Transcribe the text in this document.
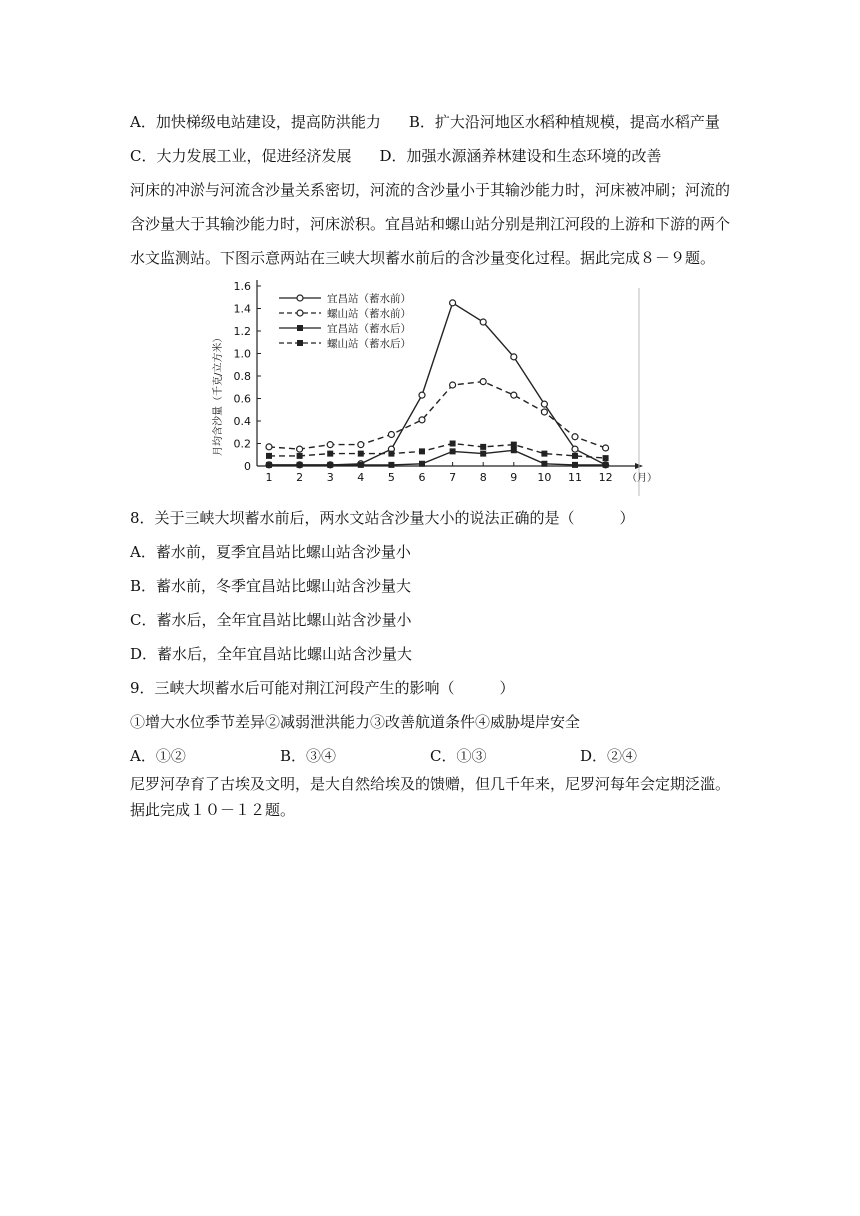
A．加快梯级电站建设，提高防洪能力 B．扩大沿河地区水稻种植规模，提高水稻产量
C．大力发展工业，促进经济发展 D．加强水源涵养林建设和生态环境的改善
河床的冲淤与河流含沙量关系密切，河流的含沙量小于其输沙能力时，河床被冲刷；河流的
含沙量大于其输沙能力时，河床淤积。宜昌站和螺山站分别是荆江河段的上游和下游的两个
水文监测站。下图示意两站在三峡大坝蓄水前后的含沙量变化过程。据此完成８－９题。
0
0.2
0.4
0.6
0.8
1.0
1.2
1.4
1.6
1 2 3 4 5 6 7 8 9 10 11 12 （月）
月均含沙量（千克/立方米）
宜昌站（蓄水前）
螺山站（蓄水前）
宜昌站（蓄水后）
螺山站（蓄水后）
8．关于三峡大坝蓄水前后，两水文站含沙量大小的说法正确的是（　　　）
A．蓄水前，夏季宜昌站比螺山站含沙量小
B．蓄水前，冬季宜昌站比螺山站含沙量大
C．蓄水后，全年宜昌站比螺山站含沙量小
D．蓄水后，全年宜昌站比螺山站含沙量大
9．三峡大坝蓄水后可能对荆江河段产生的影响（　　　）
①增大水位季节差异②减弱泄洪能力③改善航道条件④威胁堤岸安全
A．①②	B．③④	C．①③	D．②④
尼罗河孕育了古埃及文明，是大自然给埃及的馈赠，但几千年来，尼罗河每年会定期泛滥。
据此完成１０－１２题。
